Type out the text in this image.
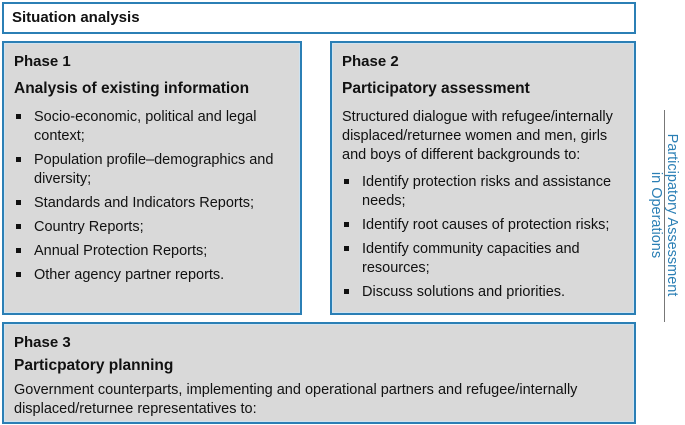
Situation analysis
Phase 1
Analysis of existing information
Socio-economic, political and legal context;
Population profile–demographics and diversity;
Standards and Indicators Reports;
Country Reports;
Annual Protection Reports;
Other agency partner reports.
Phase 2
Participatory assessment
Structured dialogue with refugee/internally displaced/returnee women and men, girls and boys of different backgrounds to:
Identify protection risks and assistance needs;
Identify root causes of protection risks;
Identify community capacities and resources;
Discuss solutions and priorities.
Phase 3
Particpatory planning
Government counterparts, implementing and operational partners and refugee/internally displaced/returnee representatives to:
Participatory Assessment
in Operations
